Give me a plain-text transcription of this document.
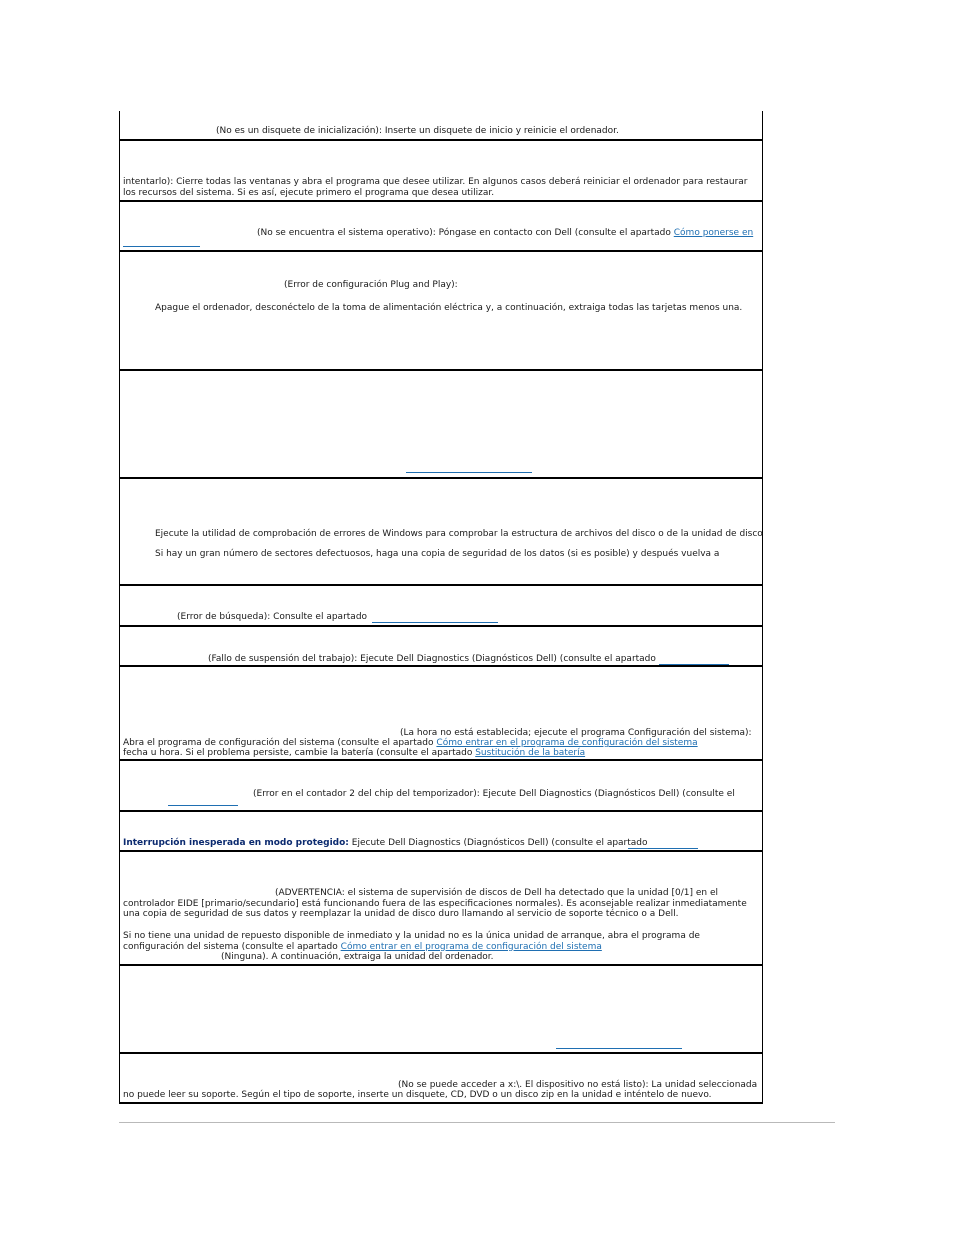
(No es un disquete de inicialización): Inserte un disquete de inicio y reinicie el ordenador.
intentarlo): Cierre todas las ventanas y abra el programa que desee utilizar. En algunos casos deberá reiniciar el ordenador para restaurar los recursos del sistema. Si es así, ejecute primero el programa que desea utilizar.
(No se encuentra el sistema operativo): Póngase en contacto con Dell (consulte el apartado Cómo ponerse en
(Error de configuración Plug and Play):
Apague el ordenador, desconéctelo de la toma de alimentación eléctrica y, a continuación, extraiga todas las tarjetas menos una.
Ejecute la utilidad de comprobación de errores de Windows para comprobar la estructura de archivos del disco o de la unidad de disco
Si hay un gran número de sectores defectuosos, haga una copia de seguridad de los datos (si es posible) y después vuelva a
(Error de búsqueda): Consulte el apartado
(Fallo de suspensión del trabajo): Ejecute Dell Diagnostics (Diagnósticos Dell) (consulte el apartado
(La hora no está establecida; ejecute el programa Configuración del sistema):
Abra el programa de configuración del sistema (consulte el apartado Cómo entrar en el programa de configuración del sistema
fecha u hora. Si el problema persiste, cambie la batería (consulte el apartado Sustitución de la batería
(Error en el contador 2 del chip del temporizador): Ejecute Dell Diagnostics (Diagnósticos Dell) (consulte el
Interrupción inesperada en modo protegido: Ejecute Dell Diagnostics (Diagnósticos Dell) (consulte el apartado
(ADVERTENCIA: el sistema de supervisión de discos de Dell ha detectado que la unidad [0/1] en el controlador EIDE [primario/secundario] está funcionando fuera de las especificaciones normales). Es aconsejable realizar inmediatamente una copia de seguridad de sus datos y reemplazar la unidad de disco duro llamando al servicio de soporte técnico o a Dell.
Si no tiene una unidad de repuesto disponible de inmediato y la unidad no es la única unidad de arranque, abra el programa de configuración del sistema (consulte el apartado Cómo entrar en el programa de configuración del sistema
(Ninguna). A continuación, extraiga la unidad del ordenador.
(No se puede acceder a x:\. El dispositivo no está listo): La unidad seleccionada
no puede leer su soporte. Según el tipo de soporte, inserte un disquete, CD, DVD o un disco zip en la unidad e inténtelo de nuevo.
